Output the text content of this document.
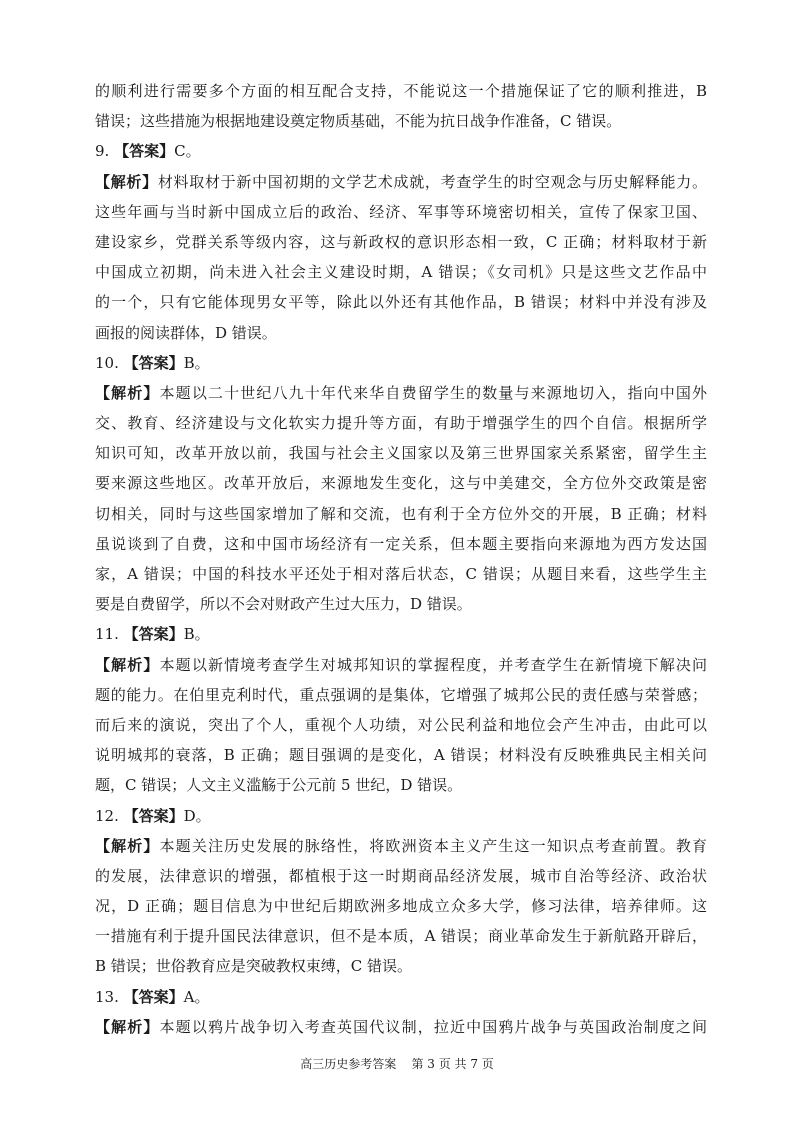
的顺利进行需要多个方面的相互配合支持，不能说这一个措施保证了它的顺利推进，B
错误；这些措施为根据地建设奠定物质基础，不能为抗日战争作准备，C 错误。
9. 【答案】C。
【解析】材料取材于新中国初期的文学艺术成就，考查学生的时空观念与历史解释能力。
这些年画与当时新中国成立后的政治、经济、军事等环境密切相关，宣传了保家卫国、
建设家乡，党群关系等级内容，这与新政权的意识形态相一致，C 正确；材料取材于新
中国成立初期，尚未进入社会主义建设时期，A 错误；《女司机》只是这些文艺作品中
的一个，只有它能体现男女平等，除此以外还有其他作品，B 错误；材料中并没有涉及
画报的阅读群体，D 错误。
10. 【答案】B。
【解析】本题以二十世纪八九十年代来华自费留学生的数量与来源地切入，指向中国外
交、教育、经济建设与文化软实力提升等方面，有助于增强学生的四个自信。根据所学
知识可知，改革开放以前，我国与社会主义国家以及第三世界国家关系紧密，留学生主
要来源这些地区。改革开放后，来源地发生变化，这与中美建交，全方位外交政策是密
切相关，同时与这些国家增加了解和交流，也有利于全方位外交的开展，B 正确；材料
虽说谈到了自费，这和中国市场经济有一定关系，但本题主要指向来源地为西方发达国
家，A 错误；中国的科技水平还处于相对落后状态，C 错误；从题目来看，这些学生主
要是自费留学，所以不会对财政产生过大压力，D 错误。
11. 【答案】B。
【解析】本题以新情境考查学生对城邦知识的掌握程度，并考查学生在新情境下解决问
题的能力。在伯里克利时代，重点强调的是集体，它增强了城邦公民的责任感与荣誉感；
而后来的演说，突出了个人，重视个人功绩，对公民利益和地位会产生冲击，由此可以
说明城邦的衰落，B 正确；题目强调的是变化，A 错误；材料没有反映雅典民主相关问
题，C 错误；人文主义滥觞于公元前 5 世纪，D 错误。
12. 【答案】D。
【解析】本题关注历史发展的脉络性，将欧洲资本主义产生这一知识点考查前置。教育
的发展，法律意识的增强，都植根于这一时期商品经济发展，城市自治等经济、政治状
况，D 正确；题目信息为中世纪后期欧洲多地成立众多大学，修习法律，培养律师。这
一措施有利于提升国民法律意识，但不是本质，A 错误；商业革命发生于新航路开辟后，
B 错误；世俗教育应是突破教权束缚，C 错误。
13. 【答案】A。
【解析】本题以鸦片战争切入考查英国代议制，拉近中国鸦片战争与英国政治制度之间
高三历史参考答案 第 3 页 共 7 页
